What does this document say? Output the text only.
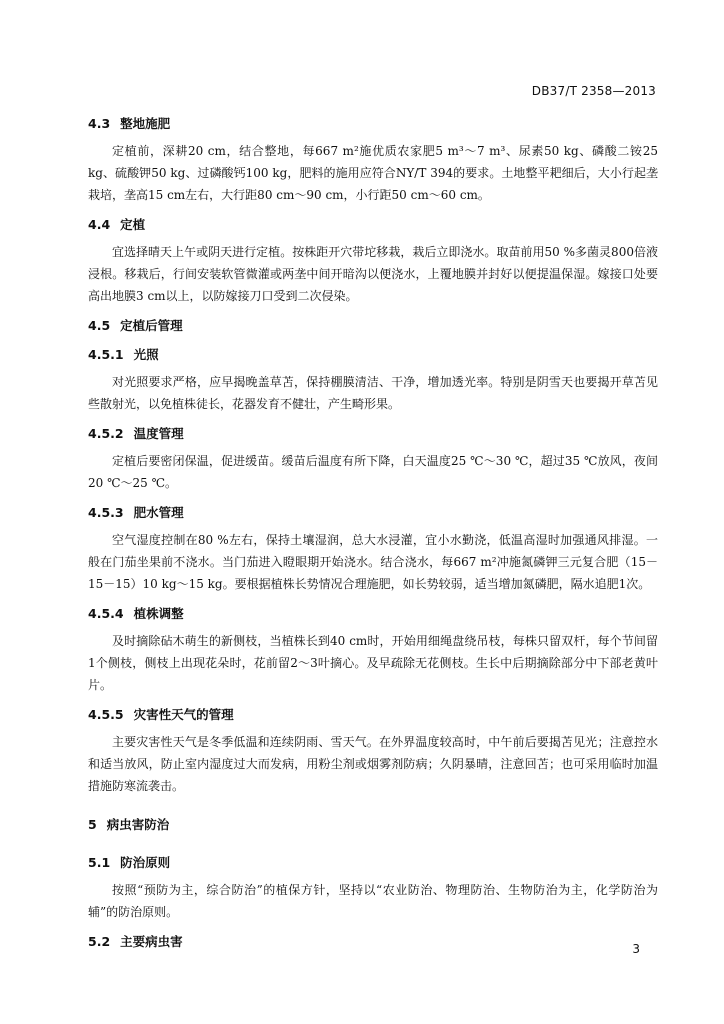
DB37/T 2358—2013

4.3 整地施肥

定植前，深耕20 cm，结合整地，每667 m²施优质农家肥5 m³～7 m³、尿素50 kg、磷酸二铵25 kg、硫酸钾50 kg、过磷酸钙100 kg，肥料的施用应符合NY/T 394的要求。土地整平耙细后，大小行起垄栽培，垄高15 cm左右，大行距80 cm～90 cm，小行距50 cm～60 cm。

4.4 定植

宜选择晴天上午或阴天进行定植。按株距开穴带坨移栽，栽后立即浇水。取苗前用50 %多菌灵800倍液浸根。移栽后，行间安装软管微灌或两垄中间开暗沟以便浇水，上覆地膜并封好以便提温保湿。嫁接口处要高出地膜3 cm以上，以防嫁接刀口受到二次侵染。

4.5 定植后管理

4.5.1 光照

对光照要求严格，应早揭晚盖草苫，保持棚膜清洁、干净，增加透光率。特别是阴雪天也要揭开草苫见些散射光，以免植株徒长，花器发育不健壮，产生畸形果。

4.5.2 温度管理

定植后要密闭保温，促进缓苗。缓苗后温度有所下降，白天温度25 ℃～30 ℃，超过35 ℃放风，夜间20 ℃～25 ℃。

4.5.3 肥水管理

空气湿度控制在80 %左右，保持土壤湿润，总大水浸灌，宜小水勤浇，低温高湿时加强通风排湿。一般在门茄坐果前不浇水。当门茄进入瞪眼期开始浇水。结合浇水，每667 m²冲施氮磷钾三元复合肥（15－15－15）10 kg～15 kg。要根据植株长势情况合理施肥，如长势较弱，适当增加氮磷肥，隔水追肥1次。

4.5.4 植株调整

及时摘除砧木萌生的新侧枝，当植株长到40 cm时，开始用细绳盘绕吊枝，每株只留双杆，每个节间留1个侧枝，侧枝上出现花朵时，花前留2～3叶摘心。及早疏除无花侧枝。生长中后期摘除部分中下部老黄叶片。

4.5.5 灾害性天气的管理

主要灾害性天气是冬季低温和连续阴雨、雪天气。在外界温度较高时，中午前后要揭苫见光；注意控水和适当放风，防止室内湿度过大而发病，用粉尘剂或烟雾剂防病；久阴暴晴，注意回苫；也可采用临时加温措施防寒流袭击。

5 病虫害防治

5.1 防治原则

按照“预防为主，综合防治”的植保方针，坚持以“农业防治、物理防治、生物防治为主，化学防治为辅”的防治原则。

5.2 主要病虫害	3
